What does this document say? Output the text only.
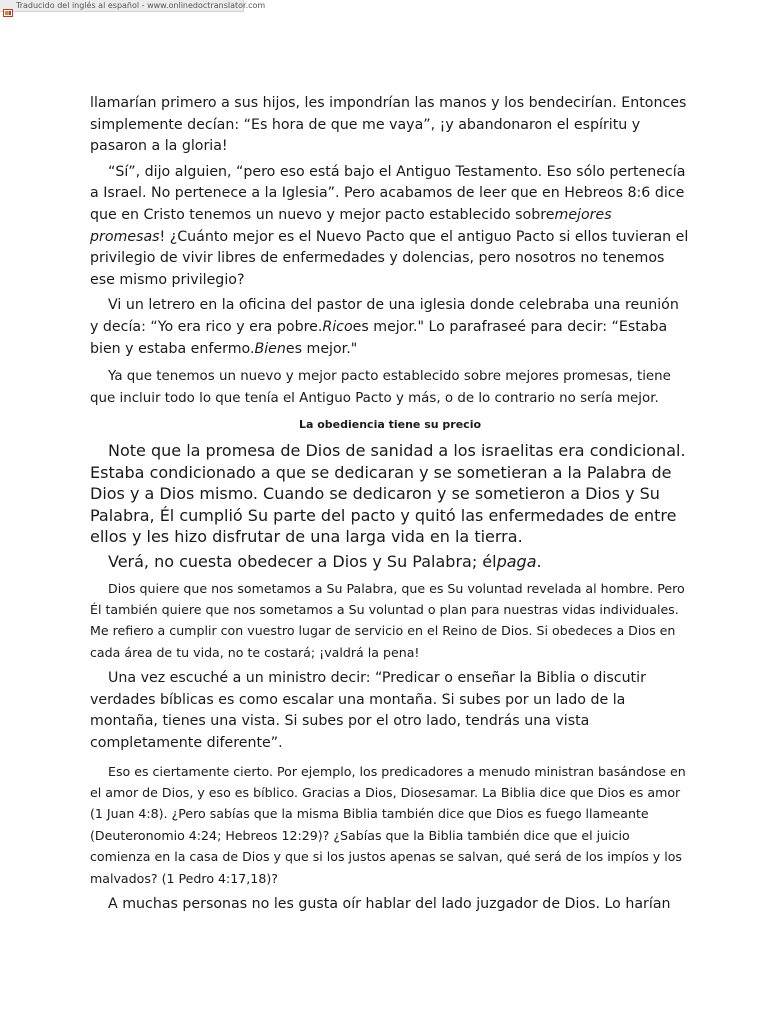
Traducido del inglés al español - www.onlinedoctranslator.com

llamarían primero a sus hijos, les impondrían las manos y los bendecirían. Entonces simplemente decían: “Es hora de que me vaya”, ¡y abandonaron el espíritu y pasaron a la gloria!

“Sí”, dijo alguien, “pero eso está bajo el Antiguo Testamento. Eso sólo pertenecía a Israel. No pertenece a la Iglesia”. Pero acabamos de leer que en Hebreos 8:6 dice que en Cristo tenemos un nuevo y mejor pacto establecido sobremejores promesas! ¿Cuánto mejor es el Nuevo Pacto que el antiguo Pacto si ellos tuvieran el privilegio de vivir libres de enfermedades y dolencias, pero nosotros no tenemos ese mismo privilegio?

Vi un letrero en la oficina del pastor de una iglesia donde celebraba una reunión y decía: “Yo era rico y era pobre.Ricoes mejor." Lo parafraseé para decir: “Estaba bien y estaba enfermo.Bienes mejor."

Ya que tenemos un nuevo y mejor pacto establecido sobre mejores promesas, tiene que incluir todo lo que tenía el Antiguo Pacto y más, o de lo contrario no sería mejor.

La obediencia tiene su precio

Note que la promesa de Dios de sanidad a los israelitas era condicional. Estaba condicionado a que se dedicaran y se sometieran a la Palabra de Dios y a Dios mismo. Cuando se dedicaron y se sometieron a Dios y Su Palabra, Él cumplió Su parte del pacto y quitó las enfermedades de entre ellos y les hizo disfrutar de una larga vida en la tierra.

Verá, no cuesta obedecer a Dios y Su Palabra; élpaga.

Dios quiere que nos sometamos a Su Palabra, que es Su voluntad revelada al hombre. Pero Él también quiere que nos sometamos a Su voluntad o plan para nuestras vidas individuales. Me refiero a cumplir con vuestro lugar de servicio en el Reino de Dios. Si obedeces a Dios en cada área de tu vida, no te costará; ¡valdrá la pena!

Una vez escuché a un ministro decir: “Predicar o enseñar la Biblia o discutir verdades bíblicas es como escalar una montaña. Si subes por un lado de la montaña, tienes una vista. Si subes por el otro lado, tendrás una vista completamente diferente”.

Eso es ciertamente cierto. Por ejemplo, los predicadores a menudo ministran basándose en el amor de Dios, y eso es bíblico. Gracias a Dios, Diosesamar. La Biblia dice que Dios es amor (1 Juan 4:8). ¿Pero sabías que la misma Biblia también dice que Dios es fuego llameante (Deuteronomio 4:24; Hebreos 12:29)? ¿Sabías que la Biblia también dice que el juicio comienza en la casa de Dios y que si los justos apenas se salvan, qué será de los impíos y los malvados? (1 Pedro 4:17,18)?

A muchas personas no les gusta oír hablar del lado juzgador de Dios. Lo harían
